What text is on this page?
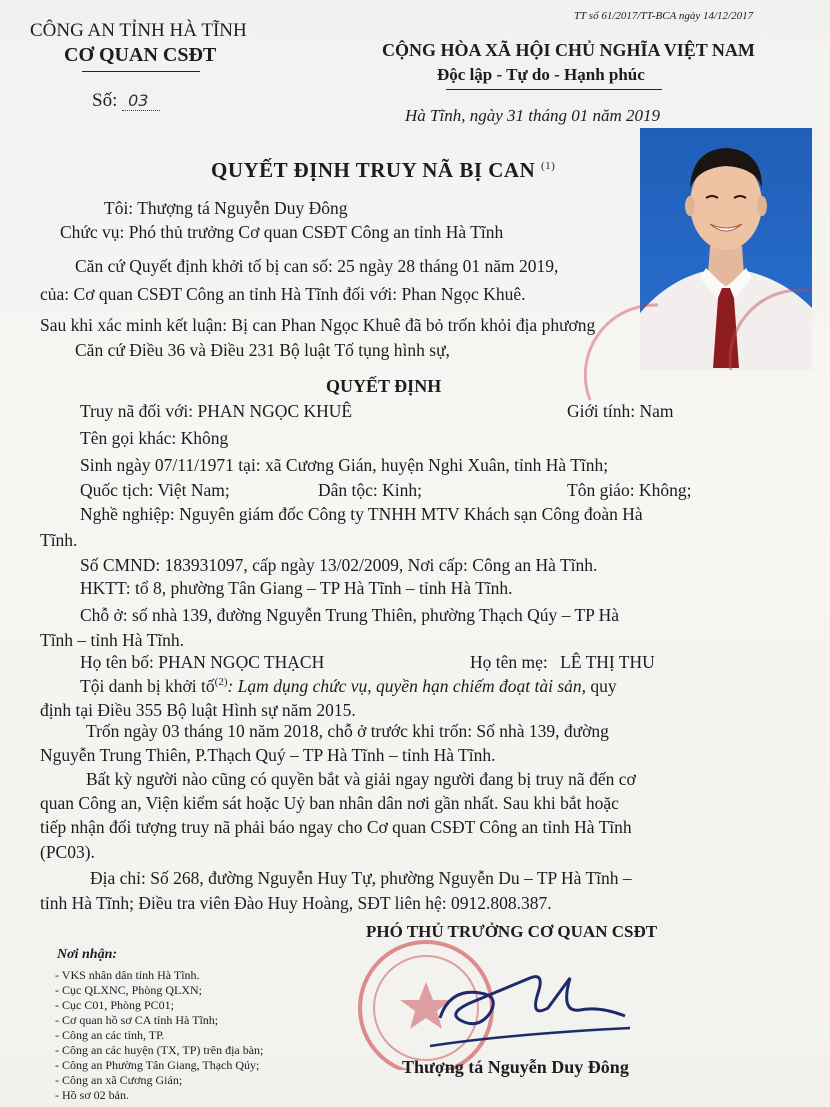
CÔNG AN TỈNH HÀ TĨNH
CƠ QUAN CSĐT
Số: 03
TT số 61/2017/TT-BCA ngày 14/12/2017
CỘNG HÒA XÃ HỘI CHỦ NGHĨA VIỆT NAM
Độc lập - Tự do - Hạnh phúc
Hà Tĩnh, ngày 31 tháng 01 năm 2019
QUYẾT ĐỊNH TRUY NÃ BỊ CAN $^{(1)}$
Tôi: Thượng tá Nguyễn Duy Đông
Chức vụ: Phó thủ trưởng Cơ quan CSĐT Công an tỉnh Hà Tĩnh
Căn cứ Quyết định khởi tố bị can số: 25 ngày 28 tháng 01 năm 2019,
của: Cơ quan CSĐT Công an tỉnh Hà Tĩnh đối với: Phan Ngọc Khuê.
Sau khi xác minh kết luận: Bị can Phan Ngọc Khuê đã bỏ trốn khỏi địa phương
Căn cứ Điều 36 và Điều 231 Bộ luật Tố tụng hình sự,
QUYẾT ĐỊNH
Truy nã đối với: PHAN NGỌC KHUÊ	Giới tính: Nam
Tên gọi khác: Không
Sinh ngày 07/11/1971 tại: xã Cương Gián, huyện Nghi Xuân, tỉnh Hà Tĩnh;
Quốc tịch: Việt Nam;	Dân tộc: Kinh;	Tôn giáo: Không;
Nghề nghiệp: Nguyên giám đốc Công ty TNHH MTV Khách sạn Công đoàn Hà
Tĩnh.
Số CMND: 183931097, cấp ngày 13/02/2009, Nơi cấp: Công an Hà Tĩnh.
HKTT: tổ 8, phường Tân Giang – TP Hà Tĩnh – tỉnh Hà Tĩnh.
Chỗ ở: số nhà 139, đường Nguyễn Trung Thiên, phường Thạch Qúy – TP Hà
Tĩnh – tỉnh Hà Tĩnh.
Họ tên bố: PHAN NGỌC THẠCH	Họ tên mẹ: LÊ THỊ THU
Tội danh bị khởi tố$^{(2)}$: Lạm dụng chức vụ, quyền hạn chiếm đoạt tài sản, quy
định tại Điều 355 Bộ luật Hình sự năm 2015.
Trốn ngày 03 tháng 10 năm 2018, chỗ ở trước khi trốn: Số nhà 139, đường
Nguyễn Trung Thiên, P.Thạch Quý – TP Hà Tĩnh – tỉnh Hà Tĩnh.
Bất kỳ người nào cũng có quyền bắt và giải ngay người đang bị truy nã đến cơ
quan Công an, Viện kiểm sát hoặc Uỷ ban nhân dân nơi gần nhất. Sau khi bắt hoặc
tiếp nhận đối tượng truy nã phải báo ngay cho Cơ quan CSĐT Công an tỉnh Hà Tĩnh
(PC03).
Địa chỉ: Số 268, đường Nguyễn Huy Tự, phường Nguyễn Du – TP Hà Tĩnh –
tỉnh Hà Tĩnh; Điều tra viên Đào Huy Hoàng, SĐT liên hệ: 0912.808.387.
PHÓ THỦ TRƯỞNG CƠ QUAN CSĐT
Thượng tá Nguyễn Duy Đông
Nơi nhận:
- VKS nhân dân tỉnh Hà Tĩnh.
- Cục QLXNC, Phòng QLXN;
- Cục C01, Phòng PC01;
- Cơ quan hồ sơ CA tỉnh Hà Tĩnh;
- Công an các tỉnh, TP.
- Công an các huyện (TX, TP) trên địa bàn;
- Công an Phường Tân Giang, Thạch Qúy;
- Công an xã Cương Gián;
- Hồ sơ 02 bản.
